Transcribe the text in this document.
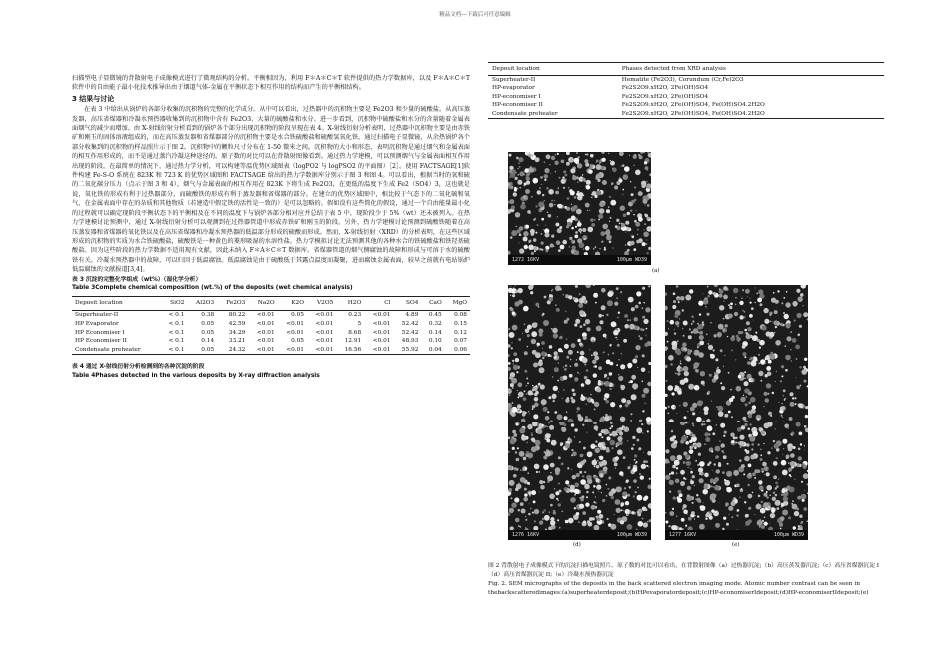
精品文档---下载后可任意编辑

扫描型电子显微镜的背散射电子成像模式进行了微观结构的分析。平衡相因为，利用 F＊A＊C＊T 软件提供的热力学数据库，以及 F＊A＊C＊T 软件中的自由能子最小化技术推导出由于烟道气体-金属在平衡状态下相互作用的结构而产生的平衡相结构。

3 结果与讨论

在表 3 中给出从锅炉的各部分收集的沉积物的完整的化学成分。从中可以看出，过热器中的沉积物主要是 Fe2O3 和少量的硫酸盐。从高压蒸发器，高压省煤器和冷凝水预热器收集到的沉积物中含有 Fe2O3、大量的硫酸盐和水分。进一步看到，沉积物中硫酸盐和水分的含量随着金属表面烟气的减少而增加。由 X-射线衍射分析看到的锅炉各个部分出现沉积物的阶段呈现在表 4。X-射线衍射分析表明，过热器中沉积物主要是由赤铁矿和刚玉的固体溶液组成的，而在高压蒸发器和省煤器部分的沉积物主要是水合铁硫酸盐和硫酸氢氧化铁。通过扫描电子显微镜，从余热锅炉各个部分收集到的沉积物的样品照片示于图 2。沉积物中的颗粒尺寸分布在 1-50 微米之间。沉积物的大小和形态，表明沉积物是通过烟气和金属表面的相互作用形成的，而不是通过蒸汽冷凝这种途径的。原子数的对比可以在背散射图像看到。通过热力学建模，可以预测烟气与金属表面相互作用出现的阶段。在最简单的情况下，通过热力学分析，可以构建等温优势区域图表（logPO2 与 logPSO2 的平面图）［2］。使用 FACTSAGE[1]软件构建 Fe-S-O 系统在 823K 和 723 K 的优势区域图和 FACTSAGE 给出的热力学数据库分别示于图 3 和图 4。可以看出，根据当时的氧和硫的二氧化碳分压力（点示于图 3 和 4），烟气与金属表面的相互作用在 823K 下将生成 Fe2O3，在更低的温度下生成 Fe2（SO4）3，这也就是说，氧化铁的形成有利于过热器部分，而硫酸铁的形成有利于蒸发器和省煤器的部分。在建立的优势区域图中，相比较于气态下的二氧化硫和氧气，在金属表面中存在的杂质和其他物质（若建造中假定铁的活性是一致的）是可以忽略的。假如没有这些简化的假设，通过一个自由能量最小化的过程就可以确定现阶段平衡状态下的平衡相及在不同的温度下与锅炉各部分相对应并总结于表 5 中，现阶段少于 5%（wt）还未被列入。在热力学建模讨论预测中，通过 X-射线衍射分析可以观测到在过热器管道中形成赤铁矿和刚玉的阶段。另外，热力学建模讨论预测到硫酸铁随着在高压蒸发器和省煤器的氧化铁以及在高压省煤器和冷凝水预热器的低温部分形成的硫酸而形成。然而，X-射线衍射（XRD）的分析表明，在这些区域形成的沉积物的实质为水合铁硫酸盐，硫酸铁是一种黄色的菱形吸湿的水溶性盐。热力学模拟讨论无法预测其他的各种水合的铁硫酸盐和铁羟基硫酸盐。因为这些阶段的热力学数据不适用现有文献，因此未纳入 F＊A＊C＊T 数据库。省煤器管道的烟气侧腐蚀的故障和形成与可溶于水的硫酸铁有关。冷凝水预热器中的故障，可以归因于低温腐蚀。低温腐蚀是由于硫酸低于其露点温度而凝聚，进而腐蚀金属表面，较早之前就有电站锅炉低温腐蚀的文献报道[3,4]。

表 3 沉淀的完整化学组成（wt%）（湿化学分析）
Table 3Complete chemical composition (wt.%) of the deposits (wet chemical analysis)
Deposit location	SiO2	Al2O3	Fe2O3	Na2O	K2O	V2O5	H2O	Cl	SO4	CaO	MgO
Superheater-II	< 0.1	0.38	80.22	<0.01	0.05	<0.01	0.23	<0.01	4.89	0.45	0.08
HP Evaporator	< 0.1	0.05	42.59	<0.01	<0.01	<0.01	5	<0.01	52.42	0.32	0.15
HP Economiser I	< 0.1	0.05	34.29	<0.01	<0.01	<0.01	8.68	<0.01	52.42	0.14	0.12
HP Economiser II	< 0.1	0.14	33.21	<0.01	0.05	<0.01	12.91	<0.01	48.93	0.10	0.07
Condensate preheater	< 0.1	0.05	24.32	<0.01	<0.01	<0.01	16.56	<0.01	55.92	0.04	0.06
表 4 通过 X-射线衍射分析检测到的各种沉淀的阶段
Table 4Phases detected in the various deposits by X-ray diffraction analysis
Deposit location	Phases detected from XRD analysis
Superheater-II	Hematite (Fe2O3), Corundum (Cr,Fe)2O3
HP-evaporator	Fe2S2O9.xH2O, 2Fe(OH)SO4
HP-economiser I	Fe2S2O9.xH2O, 2Fe(OH)SO4
HP-economiser II	Fe2S2O9.xH2O, 2Fe(OH)SO4, Fe(OH)SO4.2H2O
Condensate preheater	Fe2S2O9.xH2O, 2Fe(OH)SO4, Fe(OH)SO4.2H2O
1272 16KV	100μm WD39
(a)
1276 16KV	100μm WD39
(d)
1277 16KV	100μm WD39
(e)

图 2 背散射电子成像模式下的沉淀扫描电镜照片。原子数的对比可以看出，在背散射图像（a）过热器沉淀;（b）高压蒸发器沉淀;（c）高压省煤器沉淀 I（d）高压省煤器沉淀 II;（e）冷凝水预热器沉淀

Fig. 2. SEM micrographs of the deposits in the back scattered electron imaging mode. Atomic number contrast can be seen in thebackscatteredimages:(a)superheaterdeposit;(b)HPevaporatordeposit;(c)HP-economiserIdeposit;(d)HP-economiserIIdeposit;(e)
